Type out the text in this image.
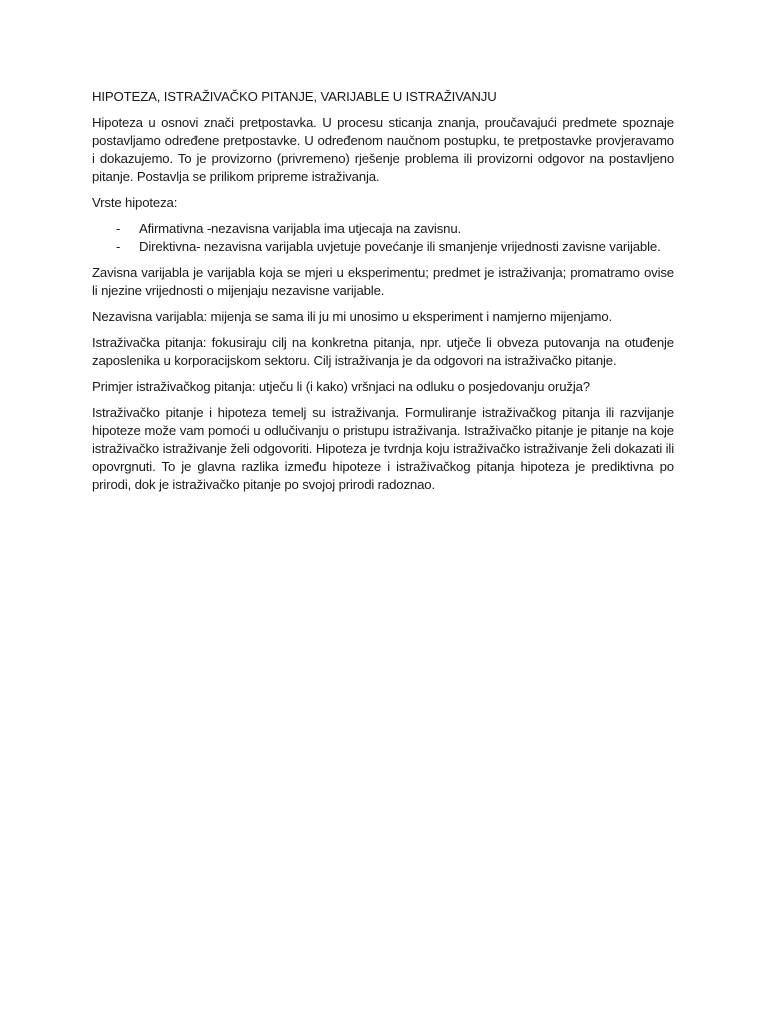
HIPOTEZA, ISTRAŽIVAČKO PITANJE, VARIJABLE U ISTRAŽIVANJU

Hipoteza u osnovi znači pretpostavka. U procesu sticanja znanja, proučavajući predmete spoznaje postavljamo određene pretpostavke. U određenom naučnom postupku, te pretpostavke provjeravamo i dokazujemo. To je provizorno (privremeno) rješenje problema ili provizorni odgovor na postavljeno pitanje. Postavlja se prilikom pripreme istraživanja.

Vrste hipoteza:

- Afirmativna -nezavisna varijabla ima utjecaja na zavisnu.
- Direktivna- nezavisna varijabla uvjetuje povećanje ili smanjenje vrijednosti zavisne varijable.

Zavisna varijabla je varijabla koja se mjeri u eksperimentu; predmet je istraživanja; promatramo ovise li njezine vrijednosti o mijenjaju nezavisne varijable.

Nezavisna varijabla: mijenja se sama ili ju mi unosimo u eksperiment i namjerno mijenjamo.

Istraživačka pitanja: fokusiraju cilj na konkretna pitanja, npr. utječe li obveza putovanja na otuđenje zaposlenika u korporacijskom sektoru. Cilj istraživanja je da odgovori na istraživačko pitanje.

Primjer istraživačkog pitanja: utječu li (i kako) vršnjaci na odluku o posjedovanju oružja?

Istraživačko pitanje i hipoteza temelj su istraživanja. Formuliranje istraživačkog pitanja ili razvijanje hipoteze može vam pomoći u odlučivanju o pristupu istraživanja. Istraživačko pitanje je pitanje na koje istraživačko istraživanje želi odgovoriti. Hipoteza je tvrdnja koju istraživačko istraživanje želi dokazati ili opovrgnuti. To je glavna razlika između hipoteze i istraživačkog pitanja hipoteza je prediktivna po prirodi, dok je istraživačko pitanje po svojoj prirodi radoznao.
